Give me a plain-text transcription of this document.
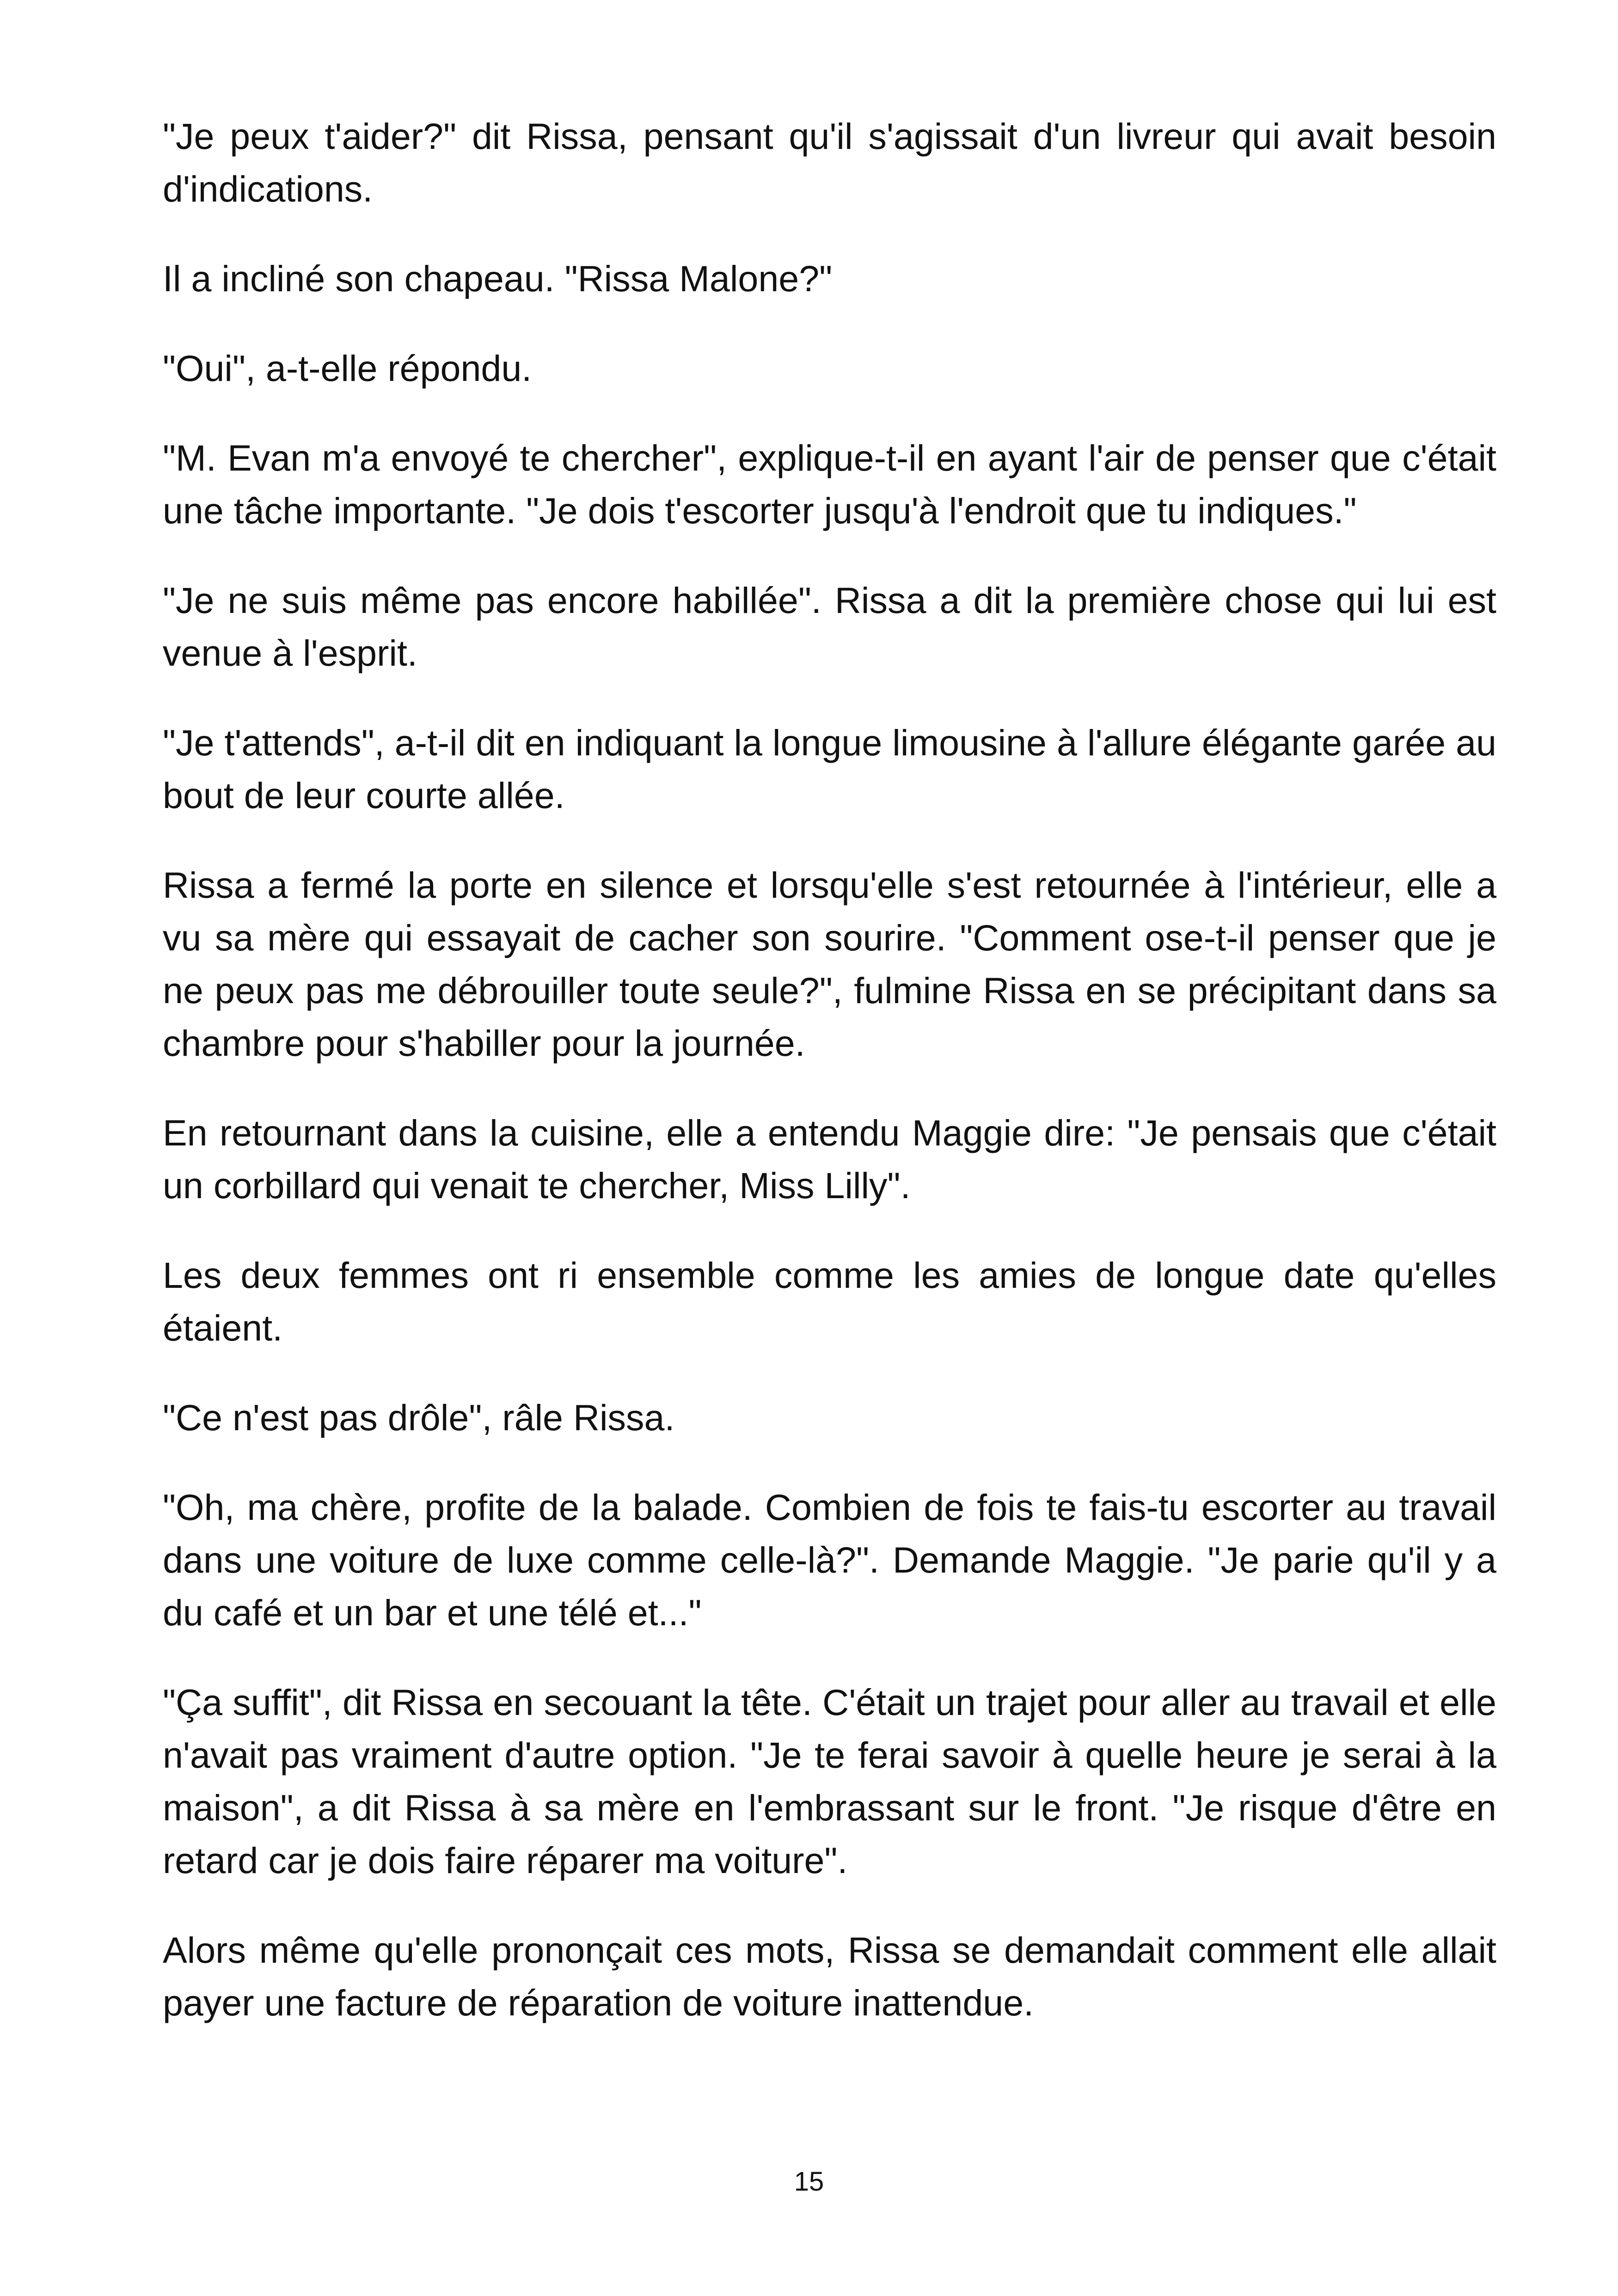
"Je peux t'aider?" dit Rissa, pensant qu'il s'agissait d'un livreur qui avait besoin d'indications.

Il a incliné son chapeau. "Rissa Malone?"

"Oui", a-t-elle répondu.

"M. Evan m'a envoyé te chercher", explique-t-il en ayant l'air de penser que c'était une tâche importante. "Je dois t'escorter jusqu'à l'endroit que tu indiques."

"Je ne suis même pas encore habillée". Rissa a dit la première chose qui lui est venue à l'esprit.

"Je t'attends", a-t-il dit en indiquant la longue limousine à l'allure élégante garée au bout de leur courte allée.

Rissa a fermé la porte en silence et lorsqu'elle s'est retournée à l'intérieur, elle a vu sa mère qui essayait de cacher son sourire. "Comment ose-t-il penser que je ne peux pas me débrouiller toute seule?", fulmine Rissa en se précipitant dans sa chambre pour s'habiller pour la journée.

En retournant dans la cuisine, elle a entendu Maggie dire: "Je pensais que c'était un corbillard qui venait te chercher, Miss Lilly".

Les deux femmes ont ri ensemble comme les amies de longue date qu'elles étaient.

"Ce n'est pas drôle", râle Rissa.

"Oh, ma chère, profite de la balade. Combien de fois te fais-tu escorter au travail dans une voiture de luxe comme celle-là?". Demande Maggie. "Je parie qu'il y a du café et un bar et une télé et..."

"Ça suffit", dit Rissa en secouant la tête. C'était un trajet pour aller au travail et elle n'avait pas vraiment d'autre option. "Je te ferai savoir à quelle heure je serai à la maison", a dit Rissa à sa mère en l'embrassant sur le front. "Je risque d'être en retard car je dois faire réparer ma voiture".

Alors même qu'elle prononçait ces mots, Rissa se demandait comment elle allait payer une facture de réparation de voiture inattendue.

15
